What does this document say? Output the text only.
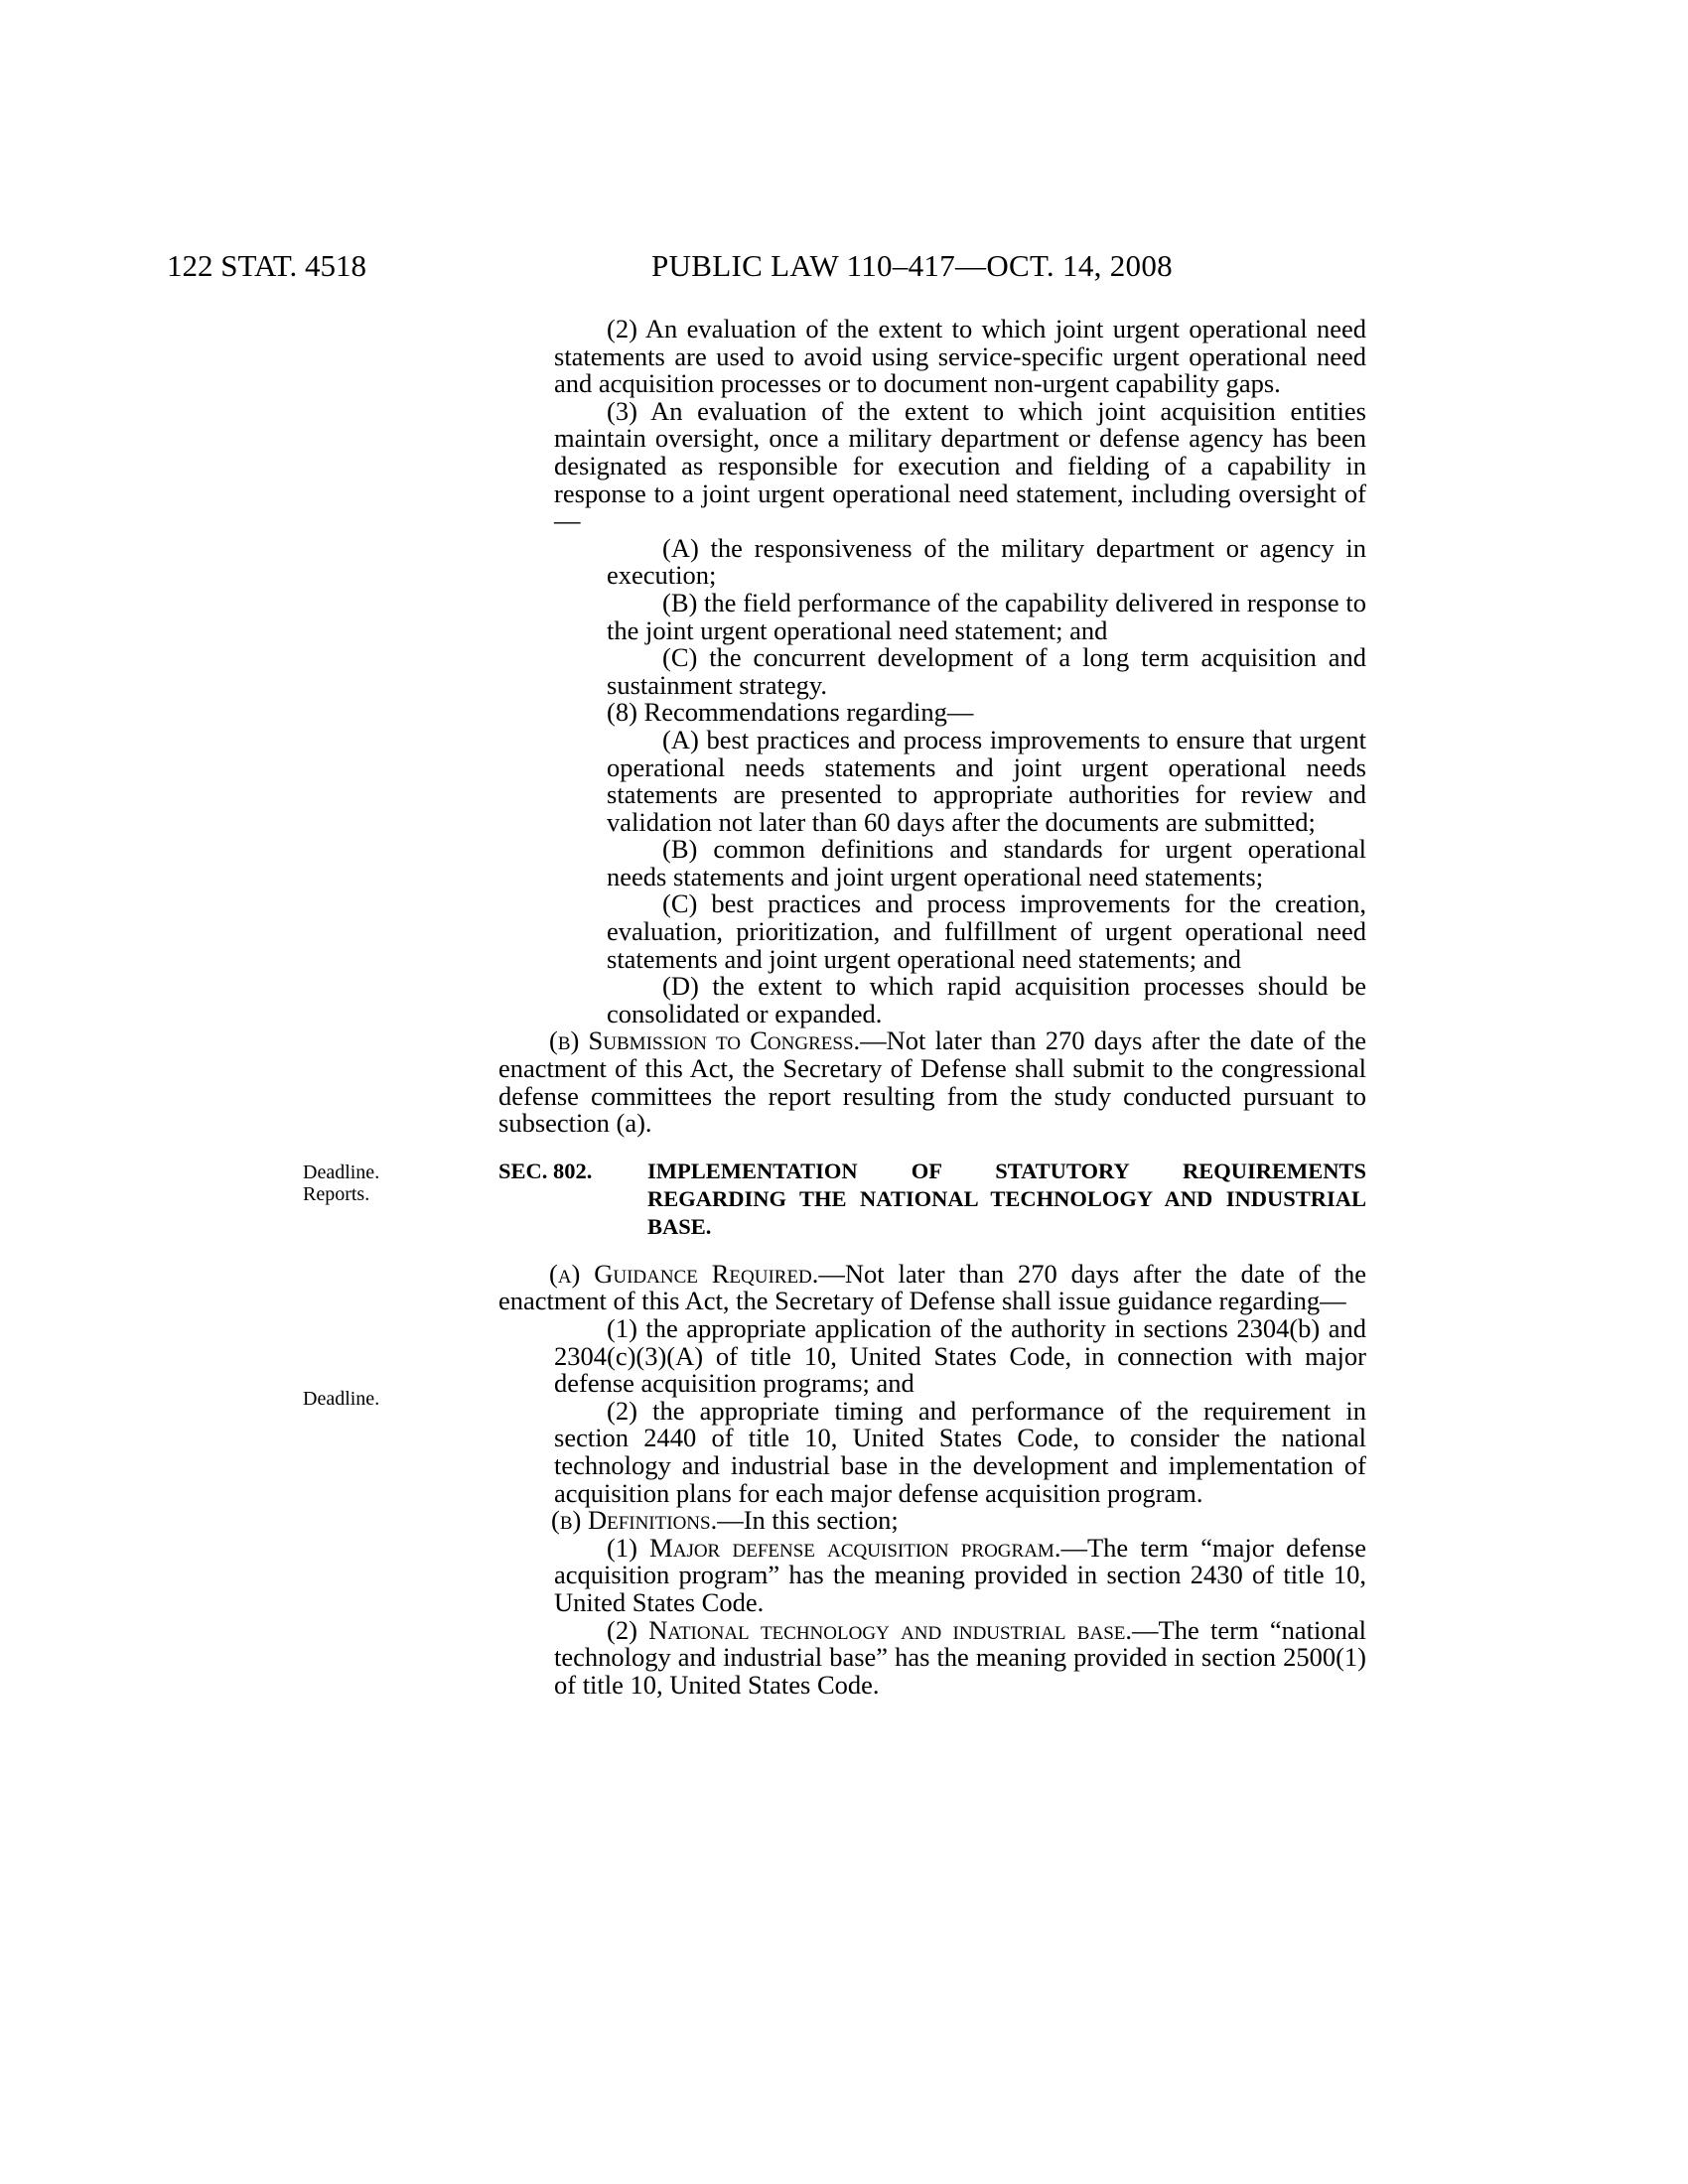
122 STAT. 4518	PUBLIC LAW 110–417—OCT. 14, 2008
Deadline.
Reports.
Deadline.

(2) An evaluation of the extent to which joint urgent operational need statements are used to avoid using service-specific urgent operational need and acquisition processes or to document non-urgent capability gaps.

(3) An evaluation of the extent to which joint acquisition entities maintain oversight, once a military department or defense agency has been designated as responsible for execution and fielding of a capability in response to a joint urgent operational need statement, including oversight of—

(A) the responsiveness of the military department or agency in execution;

(B) the field performance of the capability delivered in response to the joint urgent operational need statement; and

(C) the concurrent development of a long term acquisition and sustainment strategy.

(8) Recommendations regarding—

(A) best practices and process improvements to ensure that urgent operational needs statements and joint urgent operational needs statements are presented to appropriate authorities for review and validation not later than 60 days after the documents are submitted;

(B) common definitions and standards for urgent operational needs statements and joint urgent operational need statements;

(C) best practices and process improvements for the creation, evaluation, prioritization, and fulfillment of urgent operational need statements and joint urgent operational need statements; and

(D) the extent to which rapid acquisition processes should be consolidated or expanded.

(b) Submission to Congress.—Not later than 270 days after the date of the enactment of this Act, the Secretary of Defense shall submit to the congressional defense committees the report resulting from the study conducted pursuant to subsection (a).

SEC. 802.	IMPLEMENTATION OF STATUTORY REQUIREMENTS REGARDING THE NATIONAL TECHNOLOGY AND INDUSTRIAL BASE.

(a) Guidance Required.—Not later than 270 days after the date of the enactment of this Act, the Secretary of Defense shall issue guidance regarding—

(1) the appropriate application of the authority in sections 2304(b) and 2304(c)(3)(A) of title 10, United States Code, in connection with major defense acquisition programs; and

(2) the appropriate timing and performance of the requirement in section 2440 of title 10, United States Code, to consider the national technology and industrial base in the development and implementation of acquisition plans for each major defense acquisition program.

(b) Definitions.—In this section;

(1) Major defense acquisition program.—The term “major defense acquisition program” has the meaning provided in section 2430 of title 10, United States Code.

(2) National technology and industrial base.—The term “national technology and industrial base” has the meaning provided in section 2500(1) of title 10, United States Code.
